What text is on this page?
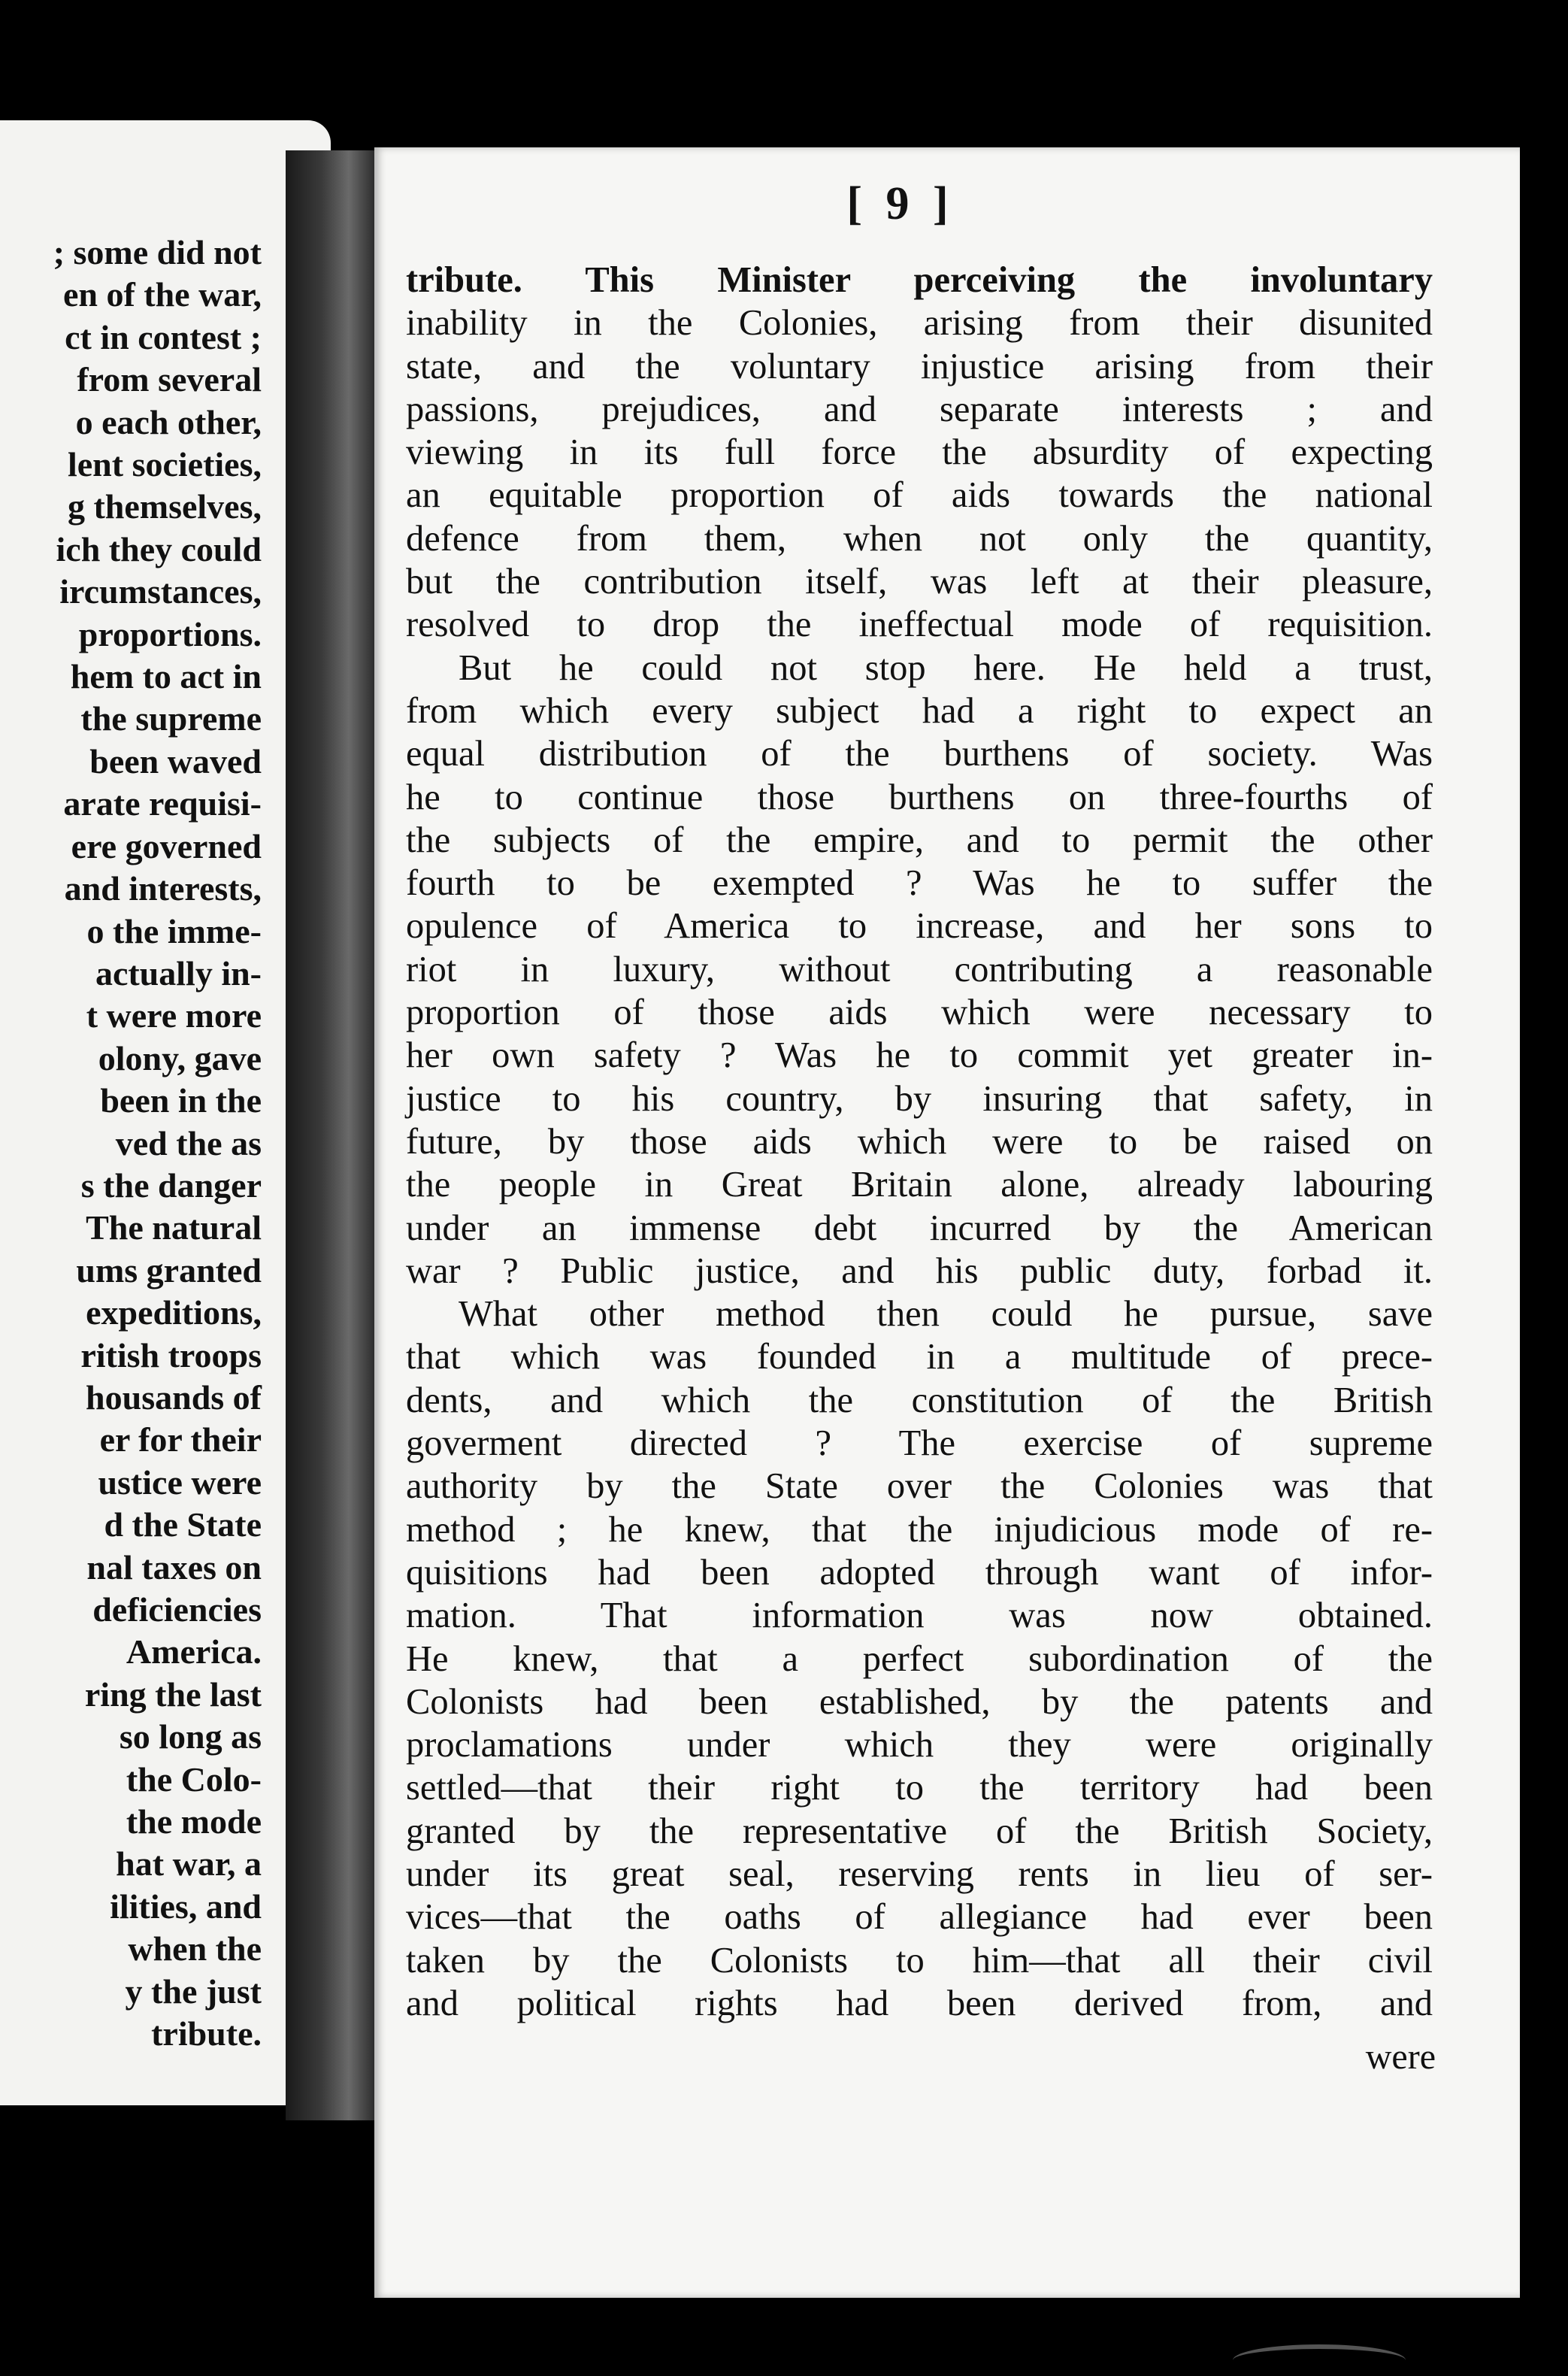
; some did not
en of the war,
ct in contest ;
from several
o each other,
lent societies,
g themselves,
ich they could
ircumstances,
proportions.
hem to act in
the supreme
been waved
arate requisi-
ere governed
and interests,
o the imme-
actually in-
t were more
olony, gave
been in the
ved the as
s the danger
The natural
ums granted
expeditions,
ritish troops
housands of
er for their
ustice were
d the State
nal taxes on
deficiencies
America.
ring the last
so long as
the Colo-
the mode
hat war, a
ilities, and
when the
y the just
tribute.
[ 9 ]
tribute. This Minister perceiving the involuntary
inability in the Colonies, arising from their disunited
state, and the voluntary injustice arising from their
passions, prejudices, and separate interests ; and
viewing in its full force the absurdity of expecting
an equitable proportion of aids towards the national
defence from them, when not only the quantity,
but the contribution itself, was left at their pleasure,
resolved to drop the ineffectual mode of requisition.
But he could not stop here. He held a trust,
from which every subject had a right to expect an
equal distribution of the burthens of society. Was
he to continue those burthens on three-fourths of
the subjects of the empire, and to permit the other
fourth to be exempted ? Was he to suffer the
opulence of America to increase, and her sons to
riot in luxury, without contributing a reasonable
proportion of those aids which were necessary to
her own safety ? Was he to commit yet greater in-
justice to his country, by insuring that safety, in
future, by those aids which were to be raised on
the people in Great Britain alone, already labouring
under an immense debt incurred by the American
war ? Public justice, and his public duty, forbad it.
What other method then could he pursue, save
that which was founded in a multitude of prece-
dents, and which the constitution of the British
goverment directed ? The exercise of supreme
authority by the State over the Colonies was that
method ; he knew, that the injudicious mode of re-
quisitions had been adopted through want of infor-
mation. That information was now obtained.
He knew, that a perfect subordination of the
Colonists had been established, by the patents and
proclamations under which they were originally
settled—that their right to the territory had been
granted by the representative of the British Society,
under its great seal, reserving rents in lieu of ser-
vices—that the oaths of allegiance had ever been
taken by the Colonists to him—that all their civil
and political rights had been derived from, and
were
